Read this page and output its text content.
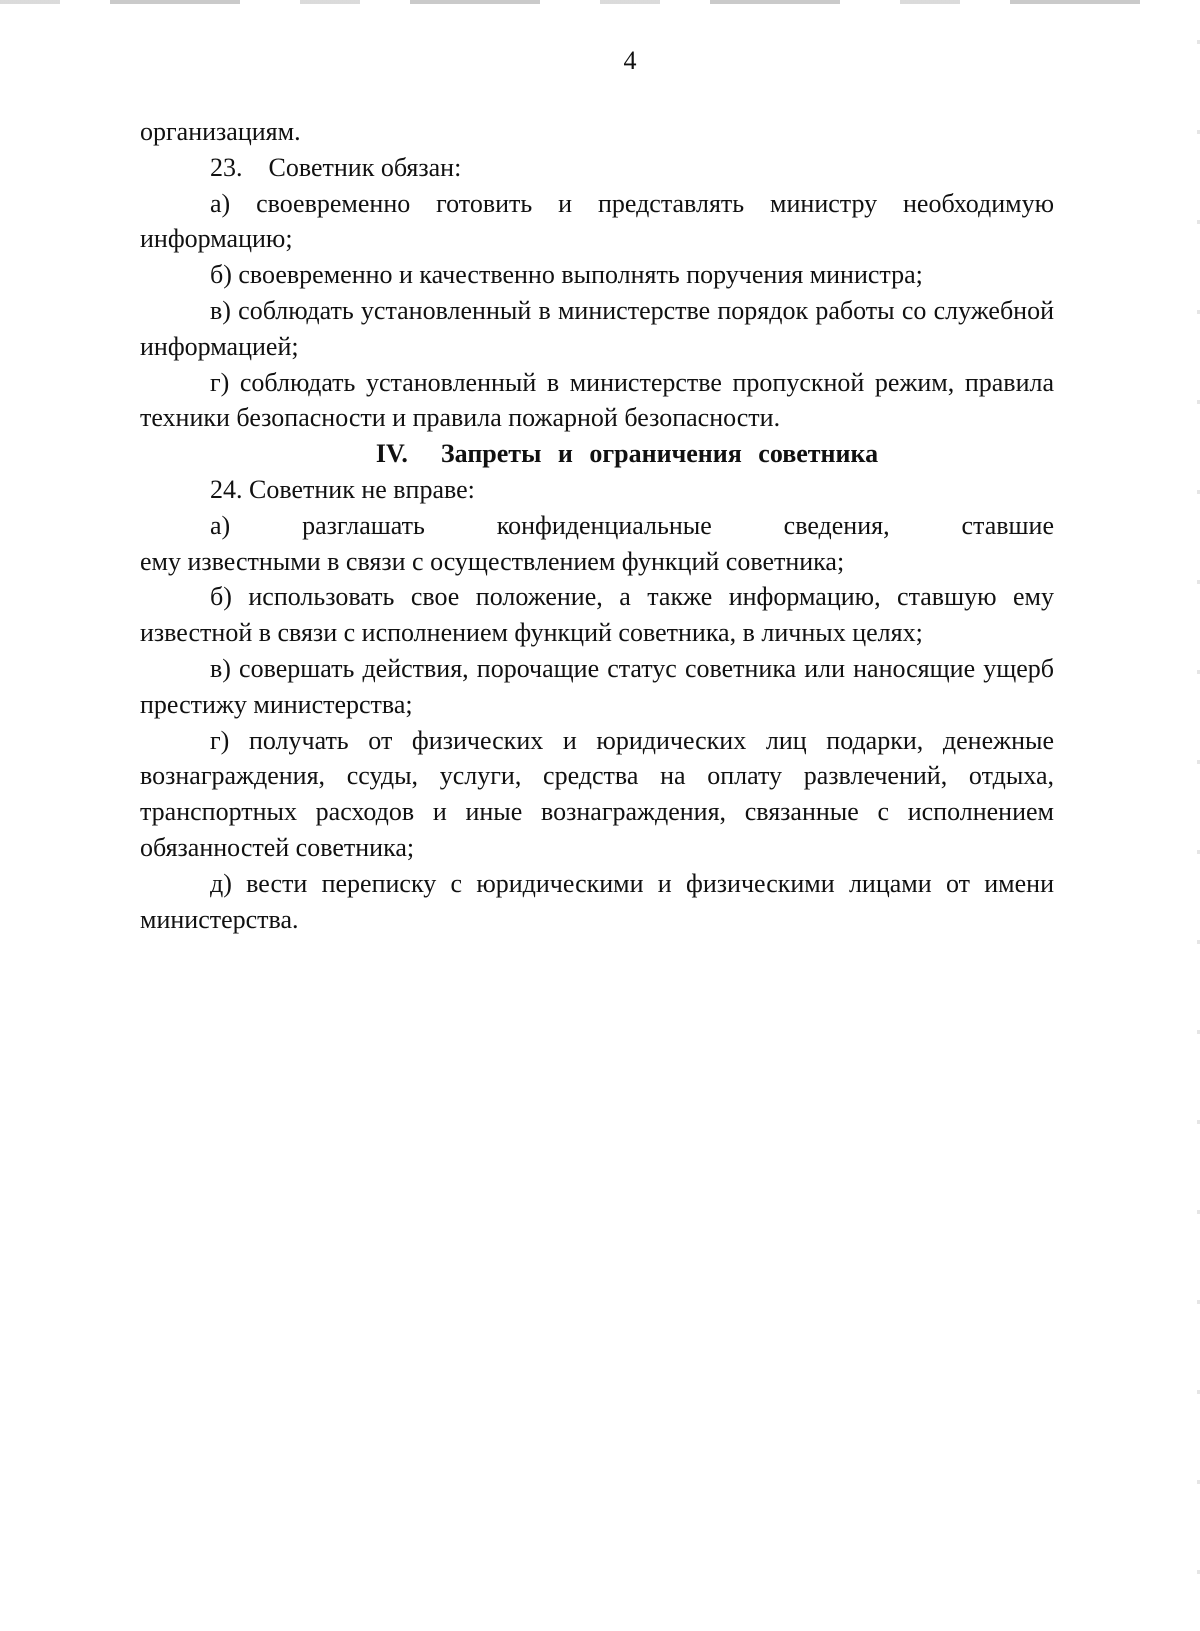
4

организациям.

23.    Советник обязан:

а) своевременно готовить и представлять министру необходимую информацию;

б) своевременно и качественно выполнять поручения министра;

в) соблюдать установленный в министерстве порядок работы со служебной информацией;

г) соблюдать установленный в министерстве пропускной режим, правила техники безопасности и правила пожарной безопасности.

IV.  Запреты и ограничения советника

24. Советник не вправе:

а) разглашать конфиденциальные сведения, ставшие

ему известными в связи с осуществлением функций советника;

б) использовать свое положение, а также информацию, ставшую ему известной в связи с исполнением функций советника, в личных целях;

в) совершать действия, порочащие статус советника или наносящие ущерб престижу министерства;

г) получать от физических и юридических лиц подарки, денежные вознаграждения, ссуды, услуги, средства на оплату развлечений, отдыха, транспортных расходов и иные вознаграждения, связанные с исполнением обязанностей советника;

д) вести переписку с юридическими и физическими лицами от имени министерства.
